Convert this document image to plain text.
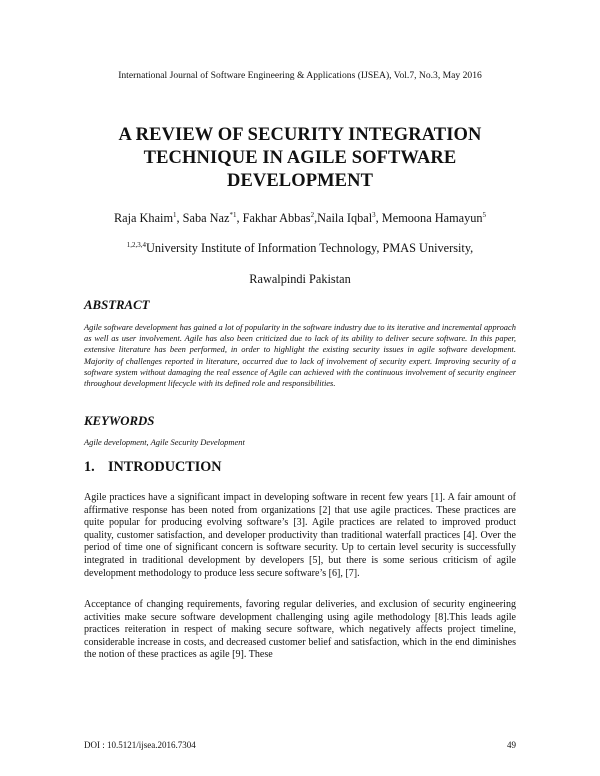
International Journal of Software Engineering & Applications (IJSEA), Vol.7, No.3, May 2016
A REVIEW OF SECURITY INTEGRATION
TECHNIQUE IN AGILE SOFTWARE
DEVELOPMENT
Raja Khaim$^1$, Saba Naz$^{*1}$, Fakhar Abbas$^2$,Naila Iqbal$^3$, Memoona Hamayun$^5$
$^{1,2,3,4}$University Institute of Information Technology, PMAS University,
Rawalpindi Pakistan
ABSTRACT
Agile software development has gained a lot of popularity in the software industry due to its iterative and incremental approach as well as user involvement. Agile has also been criticized due to lack of its ability to deliver secure software. In this paper, extensive literature has been performed, in order to highlight the existing security issues in agile software development. Majority of challenges reported in literature, occurred due to lack of involvement of security expert. Improving security of a software system without damaging the real essence of Agile can achieved with the continuous involvement of security engineer throughout development lifecycle with its defined role and responsibilities.
KEYWORDS
Agile development, Agile Security Development
1. INTRODUCTION
Agile practices have a significant impact in developing software in recent few years [1]. A fair amount of affirmative response has been noted from organizations [2] that use agile practices. These practices are quite popular for producing evolving software’s [3]. Agile practices are related to improved product quality, customer satisfaction, and developer productivity than traditional waterfall practices [4]. Over the period of time one of significant concern is software security. Up to certain level security is successfully integrated in traditional development by developers [5], but there is some serious criticism of agile development methodology to produce less secure software’s [6], [7].
Acceptance of changing requirements, favoring regular deliveries, and exclusion of security engineering activities make secure software development challenging using agile methodology [8].This leads agile practices reiteration in respect of making secure software, which negatively affects project timeline, considerable increase in costs, and decreased customer belief and satisfaction, which in the end diminishes the notion of these practices as agile [9]. These
DOI : 10.5121/ijsea.2016.7304	49
